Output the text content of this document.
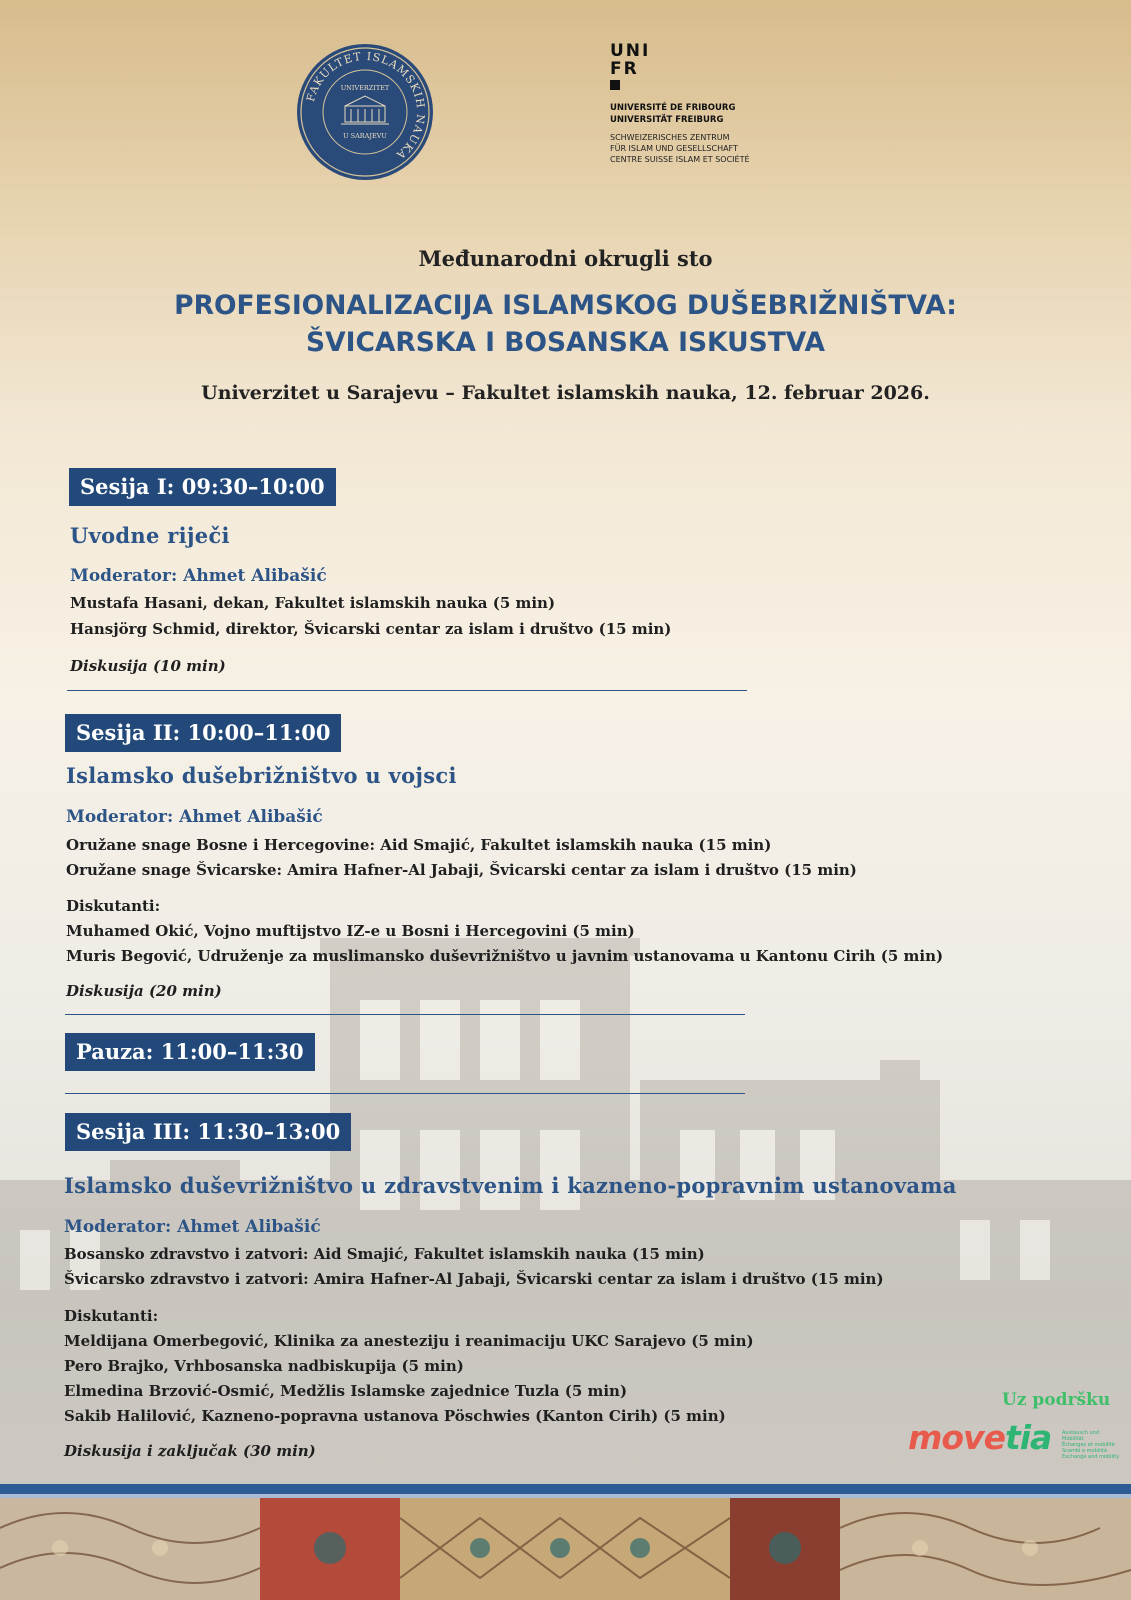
FAKULTET ISLAMSKIH NAUKA
UNIVERZITET
U SARAJEVU
UNI
FR
UNIVERSITÉ DE FRIBOURG
UNIVERSITÄT FREIBURG
SCHWEIZERISCHES ZENTRUM
FÜR ISLAM UND GESELLSCHAFT
CENTRE SUISSE ISLAM ET SOCIÉTÉ
Međunarodni okrugli sto
PROFESIONALIZACIJA ISLAMSKOG DUŠEBRIŽNIŠTVA:
ŠVICARSKA I BOSANSKA ISKUSTVA
Univerzitet u Sarajevu – Fakultet islamskih nauka, 12. februar 2026.
Sesija I: 09:30–10:00
Uvodne riječi
Moderator: Ahmet Alibašić
Mustafa Hasani, dekan, Fakultet islamskih nauka (5 min)
Hansjörg Schmid, direktor, Švicarski centar za islam i društvo (15 min)
Diskusija (10 min)
Sesija II: 10:00–11:00
Islamsko dušebrižništvo u vojsci
Moderator: Ahmet Alibašić
Oružane snage Bosne i Hercegovine: Aid Smajić, Fakultet islamskih nauka (15 min)
Oružane snage Švicarske: Amira Hafner-Al Jabaji, Švicarski centar za islam i društvo (15 min)
Diskutanti:
Muhamed Okić, Vojno muftijstvo IZ-e u Bosni i Hercegovini (5 min)
Muris Begović, Udruženje za muslimansko duševrižništvo u javnim ustanovama u Kantonu Cirih (5 min)
Diskusija (20 min)
Pauza: 11:00–11:30
Sesija III: 11:30–13:00
Islamsko duševrižništvo u zdravstvenim i kazneno-popravnim ustanovama
Moderator: Ahmet Alibašić
Bosansko zdravstvo i zatvori: Aid Smajić, Fakultet islamskih nauka (15 min)
Švicarsko zdravstvo i zatvori: Amira Hafner-Al Jabaji, Švicarski centar za islam i društvo (15 min)
Diskutanti:
Meldijana Omerbegović, Klinika za anesteziju i reanimaciju UKC Sarajevo (5 min)
Pero Brajko, Vrhbosanska nadbiskupija (5 min)
Elmedina Brzović-Osmić, Medžlis Islamske zajednice Tuzla (5 min)
Sakib Halilović, Kazneno-popravna ustanova Pöschwies (Kanton Cirih) (5 min)
Diskusija i zaključak (30 min)
Uz podršku
movetia Austausch und Mobilität
Échanges et mobilité
Scambi e mobilità
Exchange and mobility
